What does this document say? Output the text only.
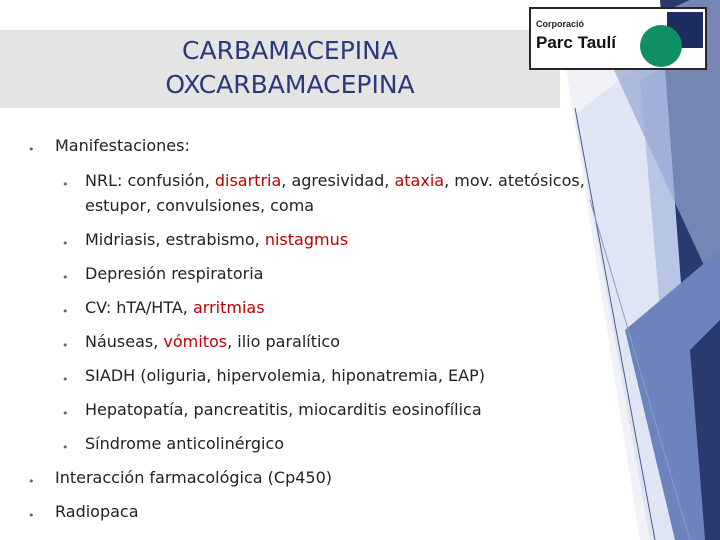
CARBAMACEPINA
OXCARBAMACEPINA
Corporació
Parc Taulí
• Manifestaciones:
• NRL: confusión, disartria, agresividad, ataxia, mov. atetósicos,
estupor, convulsiones, coma
• Midriasis, estrabismo, nistagmus
• Depresión respiratoria
• CV: hTA/HTA, arritmias
• Náuseas, vómitos, ilio paralítico
• SIADH (oliguria, hipervolemia, hiponatremia, EAP)
• Hepatopatía, pancreatitis, miocarditis eosinofílica
• Síndrome anticolinérgico
• Interacción farmacológica (Cp450)
• Radiopaca
